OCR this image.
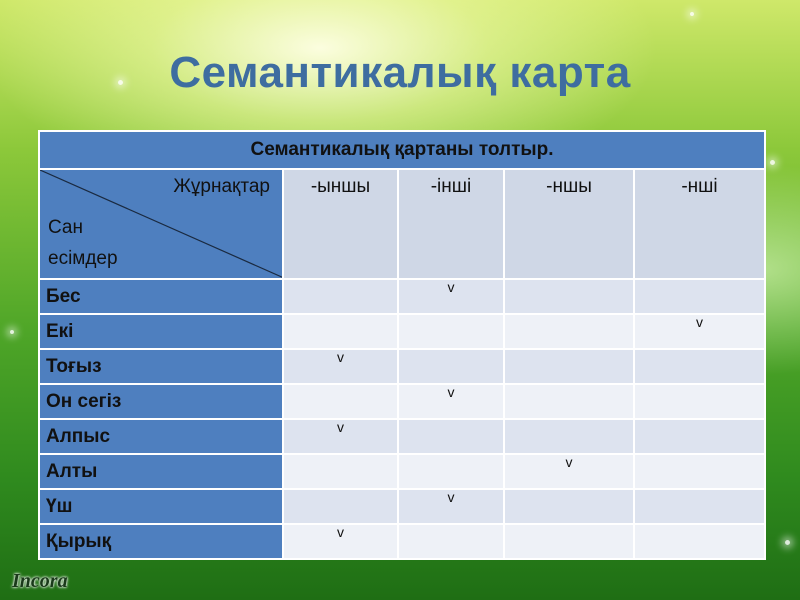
Семантикалық карта
Семантикалық қартаны толтыр.				

Жұрнақтар
Сан
есімдер	-ыншы	-інші	-ншы	-нші
Бес		v		
Екі				v
Тоғыз	v			
Он сегіз		v		
Алпыс	v			
Алты			v	
Үш		v		
Қырық	v			
Incora
